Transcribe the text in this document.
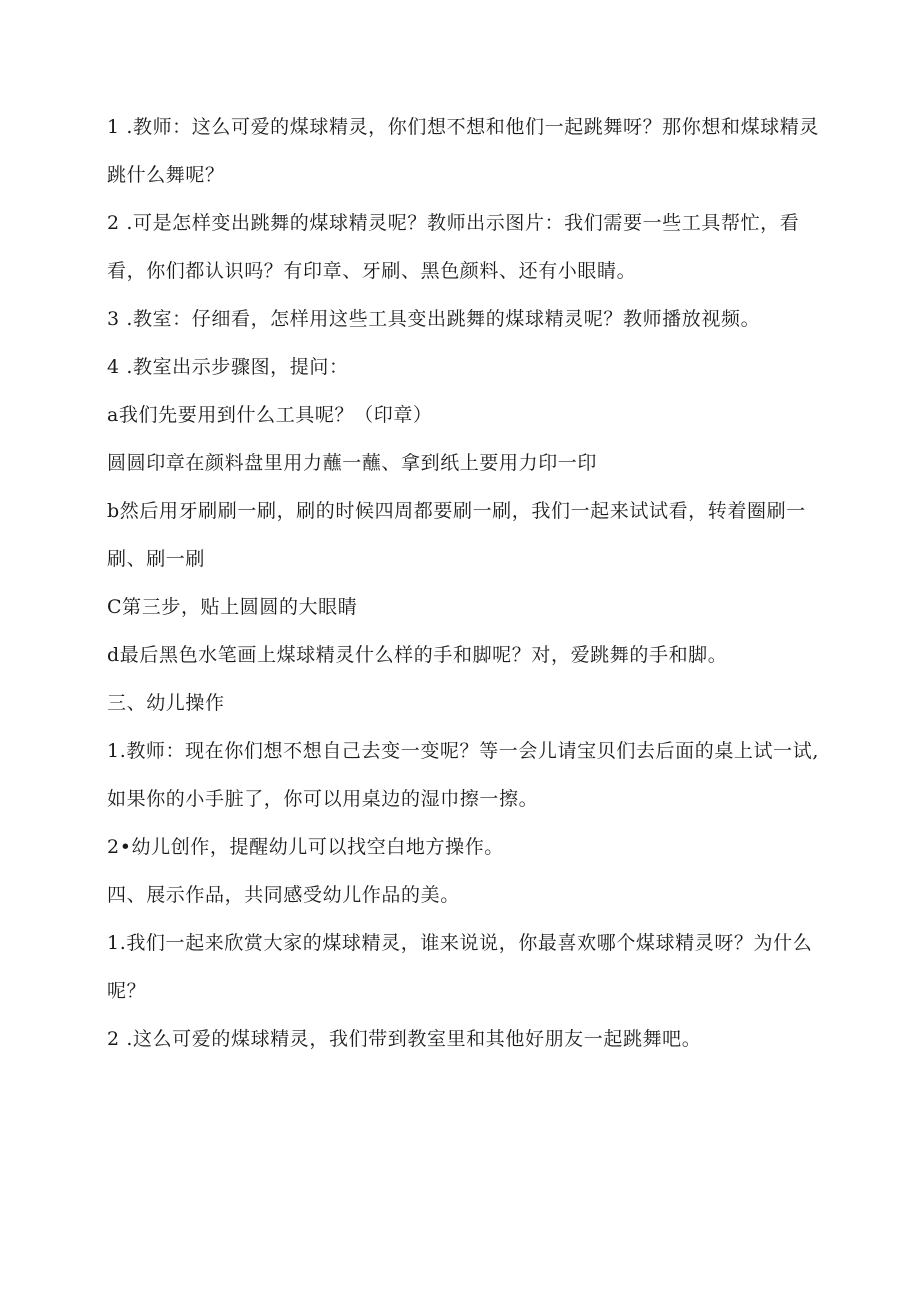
1 .教师：这么可爱的煤球精灵，你们想不想和他们一起跳舞呀？那你想和煤球精灵

跳什么舞呢？

2 .可是怎样变出跳舞的煤球精灵呢？教师出示图片：我们需要一些工具帮忙，看

看，你们都认识吗？有印章、牙刷、黑色颜料、还有小眼睛。

3 .教室：仔细看，怎样用这些工具变出跳舞的煤球精灵呢？教师播放视频。

4 .教室出示步骤图，提问：

a我们先要用到什么工具呢？（印章）

圆圆印章在颜料盘里用力蘸一蘸、拿到纸上要用力印一印

b然后用牙刷刷一刷，刷的时候四周都要刷一刷，我们一起来试试看，转着圈刷一

刷、刷一刷

C第三步，贴上圆圆的大眼睛

d最后黑色水笔画上煤球精灵什么样的手和脚呢？对，爱跳舞的手和脚。

三、幼儿操作

1.教师：现在你们想不想自己去变一变呢？等一会儿请宝贝们去后面的桌上试一试,

如果你的小手脏了，你可以用桌边的湿巾擦一擦。

2•幼儿创作，提醒幼儿可以找空白地方操作。

四、展示作品，共同感受幼儿作品的美。

1.我们一起来欣赏大家的煤球精灵，谁来说说，你最喜欢哪个煤球精灵呀？为什么

呢？

2 .这么可爱的煤球精灵，我们带到教室里和其他好朋友一起跳舞吧。
